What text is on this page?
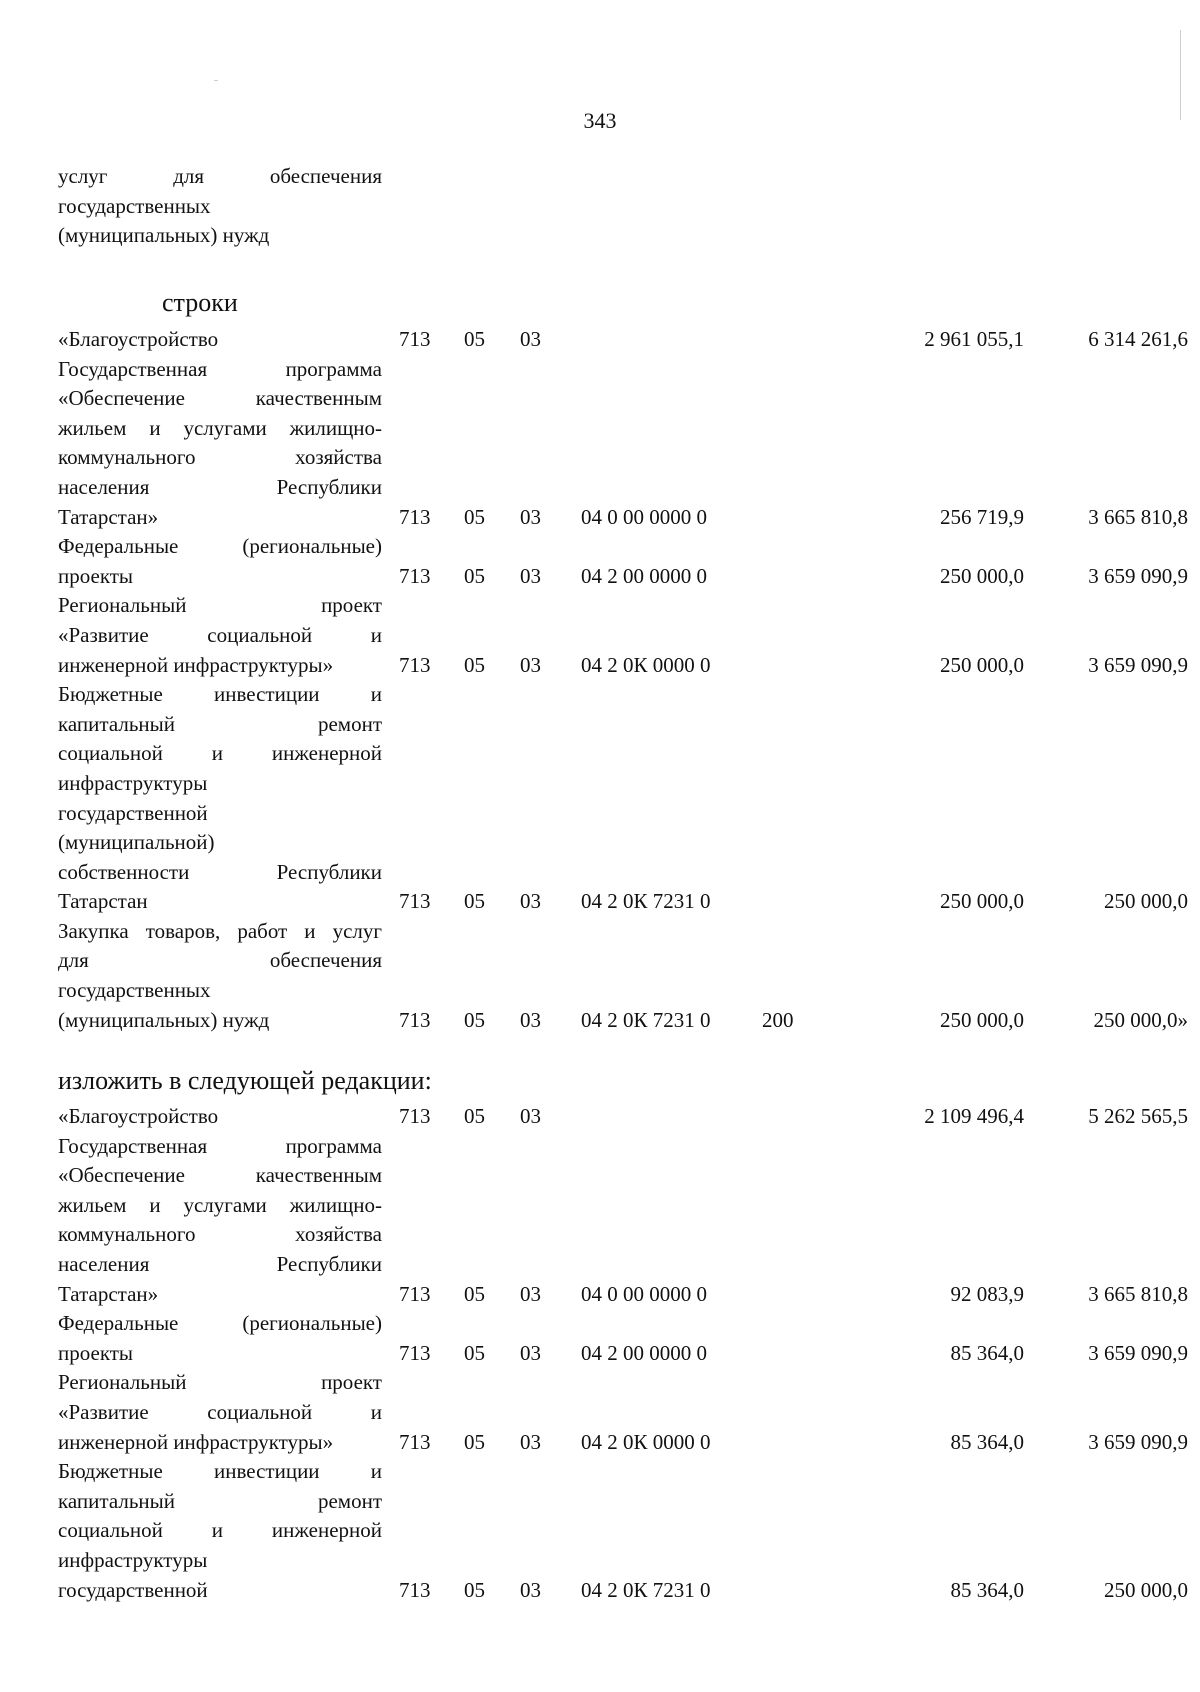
343
услуг для обеспечения
государственных
(муниципальных) нужд
строки
«Благоустройство	713 05 03	2 961 055,1	6 314 261,6
Государственная программа
«Обеспечение качественным
жильем и услугами жилищно-
коммунального хозяйства
населения Республики
Татарстан»	713 05 03 04 0 00 0000 0	256 719,9	3 665 810,8
Федеральные (региональные)
проекты	713 05 03 04 2 00 0000 0	250 000,0	3 659 090,9
Региональный проект
«Развитие социальной и
инженерной инфраструктуры»	713 05 03 04 2 0К 0000 0	250 000,0	3 659 090,9
Бюджетные инвестиции и
капитальный ремонт
социальной и инженерной
инфраструктуры
государственной
(муниципальной)
собственности Республики
Татарстан	713 05 03 04 2 0К 7231 0	250 000,0	250 000,0
Закупка товаров, работ и услуг
для обеспечения
государственных
(муниципальных) нужд	713 05 03 04 2 0К 7231 0 200	250 000,0	250 000,0»
изложить в следующей редакции:
«Благоустройство	713 05 03	2 109 496,4	5 262 565,5
Государственная программа
«Обеспечение качественным
жильем и услугами жилищно-
коммунального хозяйства
населения Республики
Татарстан»	713 05 03 04 0 00 0000 0	92 083,9	3 665 810,8
Федеральные (региональные)
проекты	713 05 03 04 2 00 0000 0	85 364,0	3 659 090,9
Региональный проект
«Развитие социальной и
инженерной инфраструктуры»	713 05 03 04 2 0К 0000 0	85 364,0	3 659 090,9
Бюджетные инвестиции и
капитальный ремонт
социальной и инженерной
инфраструктуры
государственной	713 05 03 04 2 0К 7231 0	85 364,0	250 000,0
